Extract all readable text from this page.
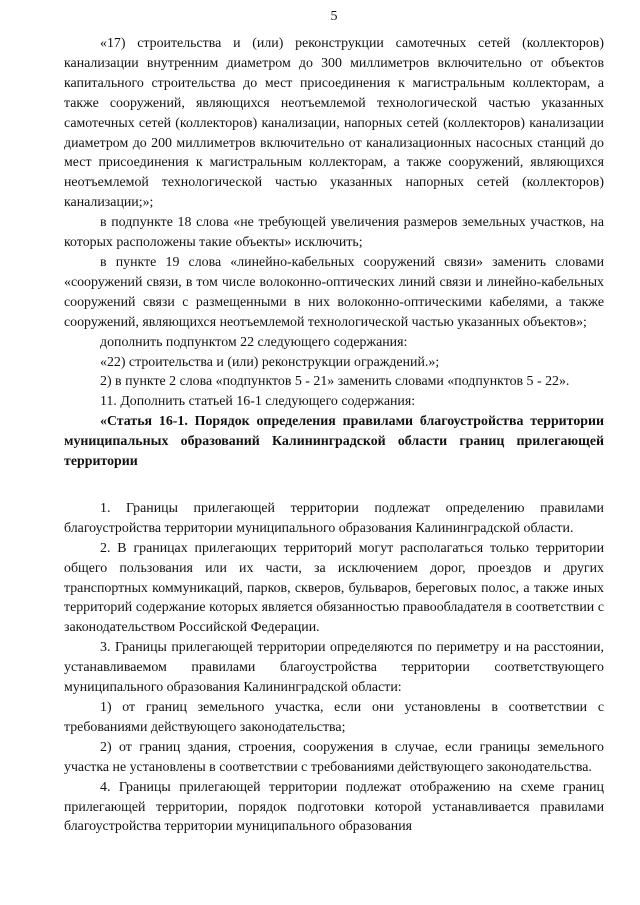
5

«17) строительства и (или) реконструкции самотечных сетей (коллекторов) канализации внутренним диаметром до 300 миллиметров включительно от объектов капитального строительства до мест присоединения к магистральным коллекторам, а также сооружений, являющихся неотъемлемой технологической частью указанных самотечных сетей (коллекторов) канализации, напорных сетей (коллекторов) канализации диаметром до 200 миллиметров включительно от канализационных насосных станций до мест присоединения к магистральным коллекторам, а также сооружений, являющихся неотъемлемой технологической частью указанных напорных сетей (коллекторов) канализации;»;

в подпункте 18 слова «не требующей увеличения размеров земельных участков, на которых расположены такие объекты» исключить;

в пункте 19 слова «линейно-кабельных сооружений связи» заменить словами «сооружений связи, в том числе волоконно-оптических линий связи и линейно-кабельных сооружений связи с размещенными в них волоконно-оптическими кабелями, а также сооружений, являющихся неотъемлемой технологической частью указанных объектов»;

дополнить подпунктом 22 следующего содержания:

«22) строительства и (или) реконструкции ограждений.»;

2) в пункте 2 слова «подпунктов 5 - 21» заменить словами «подпунктов 5 - 22».

11. Дополнить статьей 16-1 следующего содержания:

«Статья 16-1. Порядок определения правилами благоустройства территории муниципальных образований Калининградской области границ прилегающей территории

1. Границы прилегающей территории подлежат определению правилами благоустройства территории муниципального образования Калининградской области.

2. В границах прилегающих территорий могут располагаться только территории общего пользования или их части, за исключением дорог, проездов и других транспортных коммуникаций, парков, скверов, бульваров, береговых полос, а также иных территорий содержание которых является обязанностью правообладателя в соответствии с законодательством Российской Федерации.

3. Границы прилегающей территории определяются по периметру и на расстоянии, устанавливаемом правилами благоустройства территории соответствующего муниципального образования Калининградской области:

1) от границ земельного участка, если они установлены в соответствии с требованиями действующего законодательства;

2) от границ здания, строения, сооружения в случае, если границы земельного участка не установлены в соответствии с требованиями действующего законодательства.

4. Границы прилегающей территории подлежат отображению на схеме границ прилегающей территории, порядок подготовки которой устанавливается правилами благоустройства территории муниципального образования
